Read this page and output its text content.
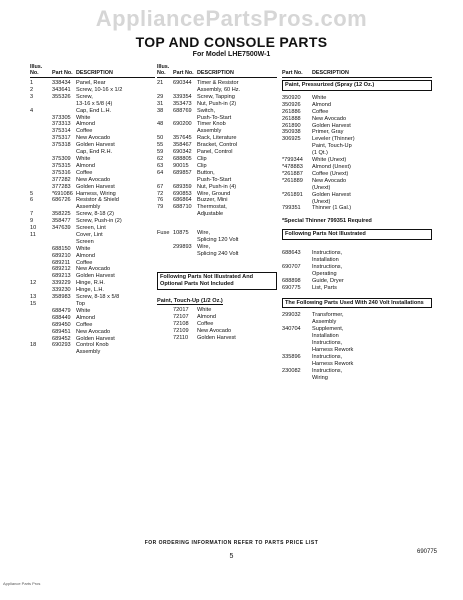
AppliancePartsPros.com
TOP AND CONSOLE PARTS
For Model LHE7500W-1
Illus. No.	Part No. DESCRIPTION
1	338434 Panel, Rear
2	343641 Screw, 10-16 x 1/2
3	355326 Screw,
13-16 x 5/8 (4)
4	Cap, End L.H.
373305 White
373313 Almond
375314 Coffee
375317 New Avocado
375318 Golden Harvest
Cap, End R.H.
375309 White
375315 Almond
375316 Coffee
377282 New Avocado
377283 Golden Harvest
5	*691086 Harness, Wiring
6	686726 Resistor & Shield
Assembly
7	358225 Screw, 8-18 (2)
9	358477 Screw, Push-in (2)
10	347639 Screen, Lint
11	Cover, Lint
Screen
688150 White
689210 Almond
689211	Coffee
689212 New Avocado
689213 Golden Harvest
12	339229 Hinge, R.H.
339230 Hinge, L.H.
13	358983 Screw, 8-18 x 5/8
15	Top
688479 White
688449 Almond
689450 Coffee
689451 New Avocado
689452 Golden Harvest
18	690293 Control Knob
Assembly
Illus. No.	Part No. DESCRIPTION
21	690344 Timer & Resistor
Assembly, 60 Hz.
29	339354 Screw, Tapping
31	353473 Nut, Push-in (2)
38	688769 Switch,
Push-To-Start
48	690200 Timer Knob
Assembly
50	357645 Rack, Literature
55	358467 Bracket, Control
59	690342 Panel, Control
62	688805 Clip
63	90015	Clip
64	689857 Button,
Push-To-Start
67	689359 Nut, Push-in (4)
72	690853 Wire, Ground
76	686864 Buzzer, Mini
79	688710 Thermostat,
Adjustable
Fuse 10875	Wire,
Splicing 120 Volt
299893 Wire,
Splicing 240 Volt
Following Parts Not Illustrated And Optional Parts Not Included
Paint, Touch-Up (1/2 Oz.)
72017	White
72107	Almond
72108	Coffee
72109	New Avocado
72110	Golden Harvest
Part No.	DESCRIPTION
Paint, Pressurized (Spray (12 Oz.)
350920	White
350926	Almond
261886	Coffee
261888	New Avocado
261890	Golden Harvest
350938	Primer, Gray
306925	Leveler (Thinner)
Paint, Touch-Up
(1 Qt.)
*799344	White (Unext)
*478883	Almond (Unext)
*261887	Coffee (Unext)
*261889	New Avocado
(Unext)
*261891	Golden Harvest
(Unext)
799351	Thinner (1 Gal.)
*Special Thinner 799351 Required
Following Parts Not Illustrated
688643	Instructions,
Installation
690707	Instructions,
Operating
688898	Guide, Dryer
690775	List, Parts
The Following Parts Used With 240 Volt Installations
299032	Transformer,
Assembly
340704	Supplement,
Installation
Instructions,
Harness Rework
335896	Instructions,
Harness Rework
230082	Instructions,
Wiring
FOR ORDERING INFORMATION REFER TO PARTS PRICE LIST
5
690775
Appliance Parts Pros
